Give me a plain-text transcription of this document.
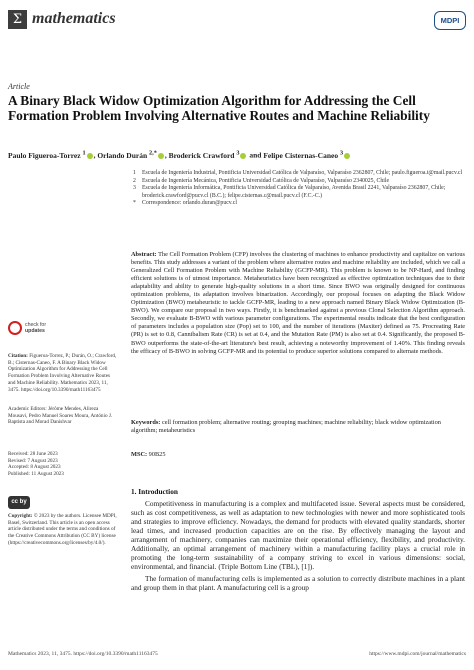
Σ mathematics	MDPI
Article
A Binary Black Widow Optimization Algorithm for Addressing the Cell Formation Problem Involving Alternative Routes and Machine Reliability
Paulo Figueroa-Torrez $^1$ , Orlando Durán $^{2,*}$ , Broderick Crawford $^3$ and Felipe Cisternas-Caneo $^3$
1 Escuela de Ingeniería Industrial, Pontificia Universidad Católica de Valparaíso, Valparaíso 2362807, Chile; paulo.figueroa.t@mail.pucv.cl
2 Escuela de Ingeniería Mecánica, Pontificia Universidad Católica de Valparaíso, Valparaíso 2340025, Chile
3 Escuela de Ingeniería Informática, Pontificia Universidad Católica de Valparaíso, Avenida Brasil 2241, Valparaíso 2362807, Chile; broderick.crawford@pucv.cl (B.C.); felipe.cisternas.c@mail.pucv.cl (F.C.-C.)
* Correspondence: orlando.duran@pucv.cl
Abstract: The Cell Formation Problem (CFP) involves the clustering of machines to enhance productivity and capitalize on various benefits. This study addresses a variant of the problem where alternative routes and machine reliability are included, which we call a Generalized Cell Formation Problem with Machine Reliability (GCFP-MR). This problem is known to be NP-Hard, and finding efficient solutions is of utmost importance. Metaheuristics have been recognized as effective optimization techniques due to their adaptability and ability to generate high-quality solutions in a short time. Since BWO was originally designed for continuous optimization problems, its adaptation involves binarization. Accordingly, our proposal focuses on adapting the Black Widow Optimization (BWO) metaheuristic to tackle GCFP-MR, leading to a new approach named Binary Black Widow Optimization (B-BWO). We compare our proposal in two ways. Firstly, it is benchmarked against a previous Clonal Selection Algorithm approach. Secondly, we evaluate B-BWO with various parameter configurations. The experimental results indicate that the best configuration of parameters includes a population size (Pop) set to 100, and the number of iterations (Maxiter) defined as 75. Procreating Rate (PR) is set to 0.8, Cannibalism Rate (CR) is set at 0.4, and the Mutation Rate (PM) is also set at 0.4. Significantly, the proposed B-BWO outperforms the state-of-the-art literature's best result, achieving a noteworthy improvement of 1.40%. This finding reveals the efficacy of B-BWO in solving GCFP-MR and its potential to produce superior solutions compared to alternate methods.
Keywords: cell formation problem; alternative routing; grouping machines; machine reliability; black widow optimization algorithm; metaheuristics
MSC: 90B25
check for
updates
Citation: Figueroa-Torrez, P.; Durán, O.; Crawford, B.; Cisternas-Caneo, F. A Binary Black Widow Optimization Algorithm for Addressing the Cell Formation Problem Involving Alternative Routes and Machine Reliability. Mathematics 2023, 11, 3475. https://doi.org/10.3390/math11163475
Academic Editors: Jérôme Mendes, Alireza Mousavi, Pedro Manuel Soares Moura, António J. Baptista and Morad Danishvar
Received: 28 June 2023
Revised: 7 August 2023
Accepted: 8 August 2023
Published: 11 August 2023
cc by
Copyright: © 2023 by the authors. Licensee MDPI, Basel, Switzerland. This article is an open access article distributed under the terms and conditions of the Creative Commons Attribution (CC BY) license (https://creativecommons.org/licenses/by/4.0/).
1. Introduction
Competitiveness in manufacturing is a complex and multifaceted issue. Several aspects must be considered, such as cost competitiveness, as well as adaptation to new technologies with newer and more sophisticated tools and strategies to improve efficiency. Nowadays, the demand for products with elevated quality standards, shorter lead times, and increased production capacities are on the rise. By effectively managing the layout and arrangement of machinery, companies can maximize their operational efficiency, flexibility, and productivity. Additionally, an optimal arrangement of machinery within a manufacturing facility plays a crucial role in promoting the long-term sustainability of a company striving to excel in various dimensions: social, environmental, and financial. (Triple Bottom Line (TBL), [1]).
The formation of manufacturing cells is implemented as a solution to correctly distribute machines in a plant and group them in that plant. A manufacturing cell is a group
Mathematics 2023, 11, 3475. https://doi.org/10.3390/math11163475	https://www.mdpi.com/journal/mathematics
